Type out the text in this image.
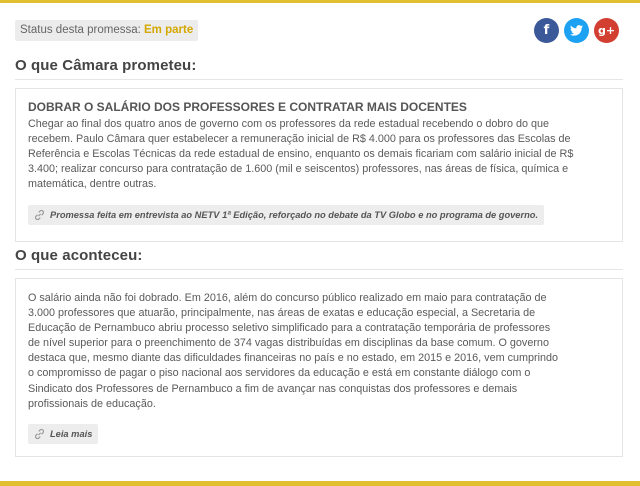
Status desta promessa: Em parte	f	g+
O que Câmara prometeu:
DOBRAR O SALÁRIO DOS PROFESSORES E CONTRATAR MAIS DOCENTES
Chegar ao final dos quatro anos de governo com os professores da rede estadual recebendo o dobro do que
recebem. Paulo Câmara quer estabelecer a remuneração inicial de R$ 4.000 para os professores das Escolas de
Referência e Escolas Técnicas da rede estadual de ensino, enquanto os demais ficariam com salário inicial de R$
3.400; realizar concurso para contratação de 1.600 (mil e seiscentos) professores, nas áreas de física, química e
matemática, dentre outras.
Promessa feita em entrevista ao NETV 1ª Edição, reforçado no debate da TV Globo e no programa de governo.
O que aconteceu:
O salário ainda não foi dobrado. Em 2016, além do concurso público realizado em maio para contratação de
3.000 professores que atuarão, principalmente, nas áreas de exatas e educação especial, a Secretaria de
Educação de Pernambuco abriu processo seletivo simplificado para a contratação temporária de professores
de nível superior para o preenchimento de 374 vagas distribuídas em disciplinas da base comum. O governo
destaca que, mesmo diante das dificuldades financeiras no país e no estado, em 2015 e 2016, vem cumprindo
o compromisso de pagar o piso nacional aos servidores da educação e está em constante diálogo com o
Sindicato dos Professores de Pernambuco a fim de avançar nas conquistas dos professores e demais
profissionais de educação.
Leia mais
